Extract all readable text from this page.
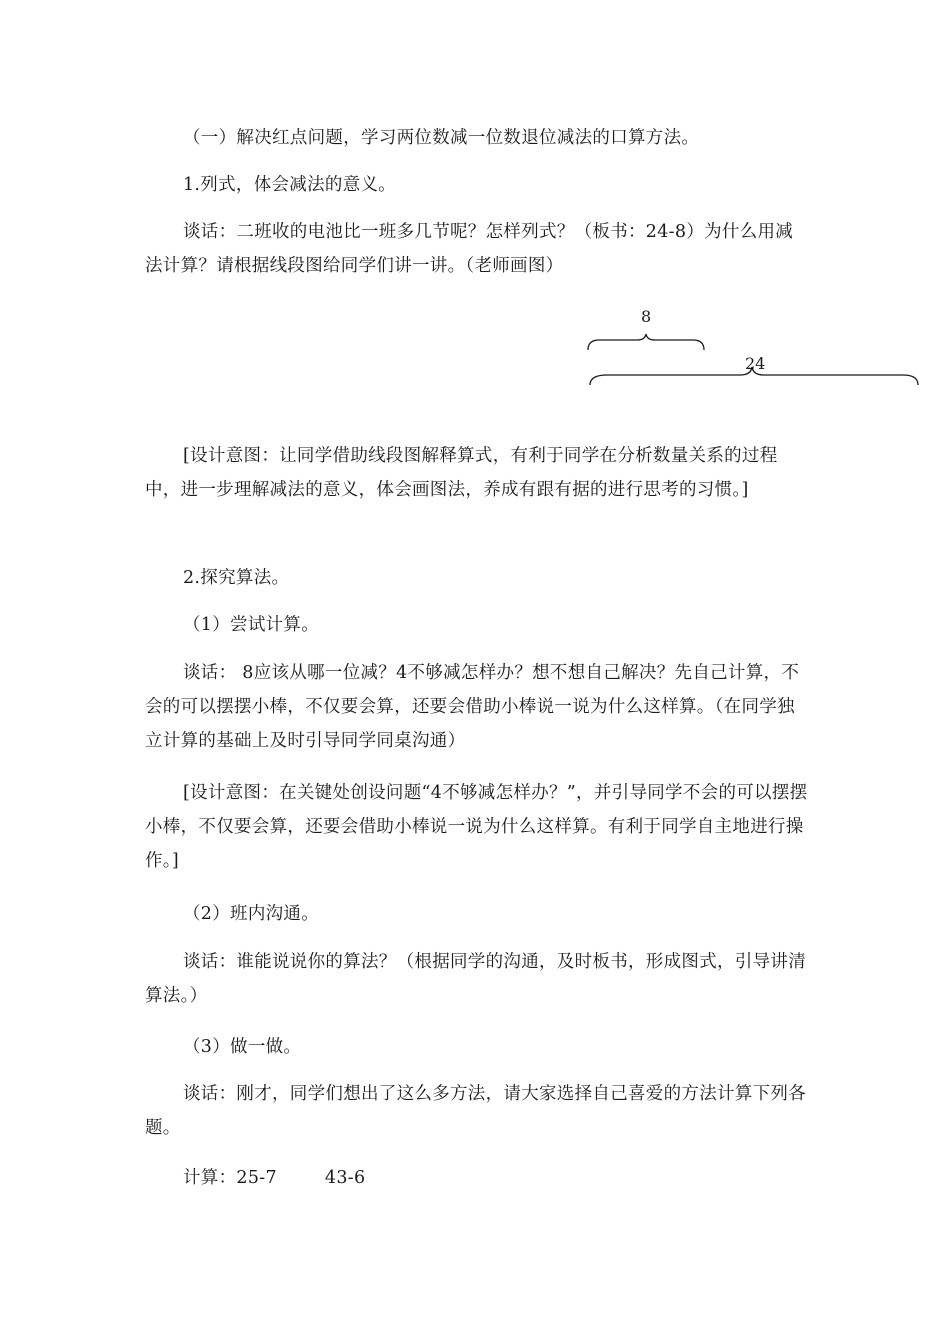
（一）解决红点问题，学习两位数减一位数退位减法的口算方法。

1.列式，体会减法的意义。

谈话：二班收的电池比一班多几节呢？怎样列式？（板书：24-8）为什么用减法计算？请根据线段图给同学们讲一讲。（老师画图）

8
24

[设计意图：让同学借助线段图解释算式，有利于同学在分析数量关系的过程中，进一步理解减法的意义，体会画图法，养成有跟有据的进行思考的习惯。]

2.探究算法。

（1）尝试计算。

谈话： 8应该从哪一位减？4不够减怎样办？想不想自己解决？先自己计算，不会的可以摆摆小棒，不仅要会算，还要会借助小棒说一说为什么这样算。（在同学独立计算的基础上及时引导同学同桌沟通）

[设计意图：在关键处创设问题“4不够减怎样办？”，并引导同学不会的可以摆摆小棒，不仅要会算，还要会借助小棒说一说为什么这样算。有利于同学自主地进行操作。]

（2）班内沟通。

谈话：谁能说说你的算法？（根据同学的沟通，及时板书，形成图式，引导讲清算法。）

（3）做一做。

谈话：刚才，同学们想出了这么多方法，请大家选择自己喜爱的方法计算下列各题。

计算：25-7	43-6
